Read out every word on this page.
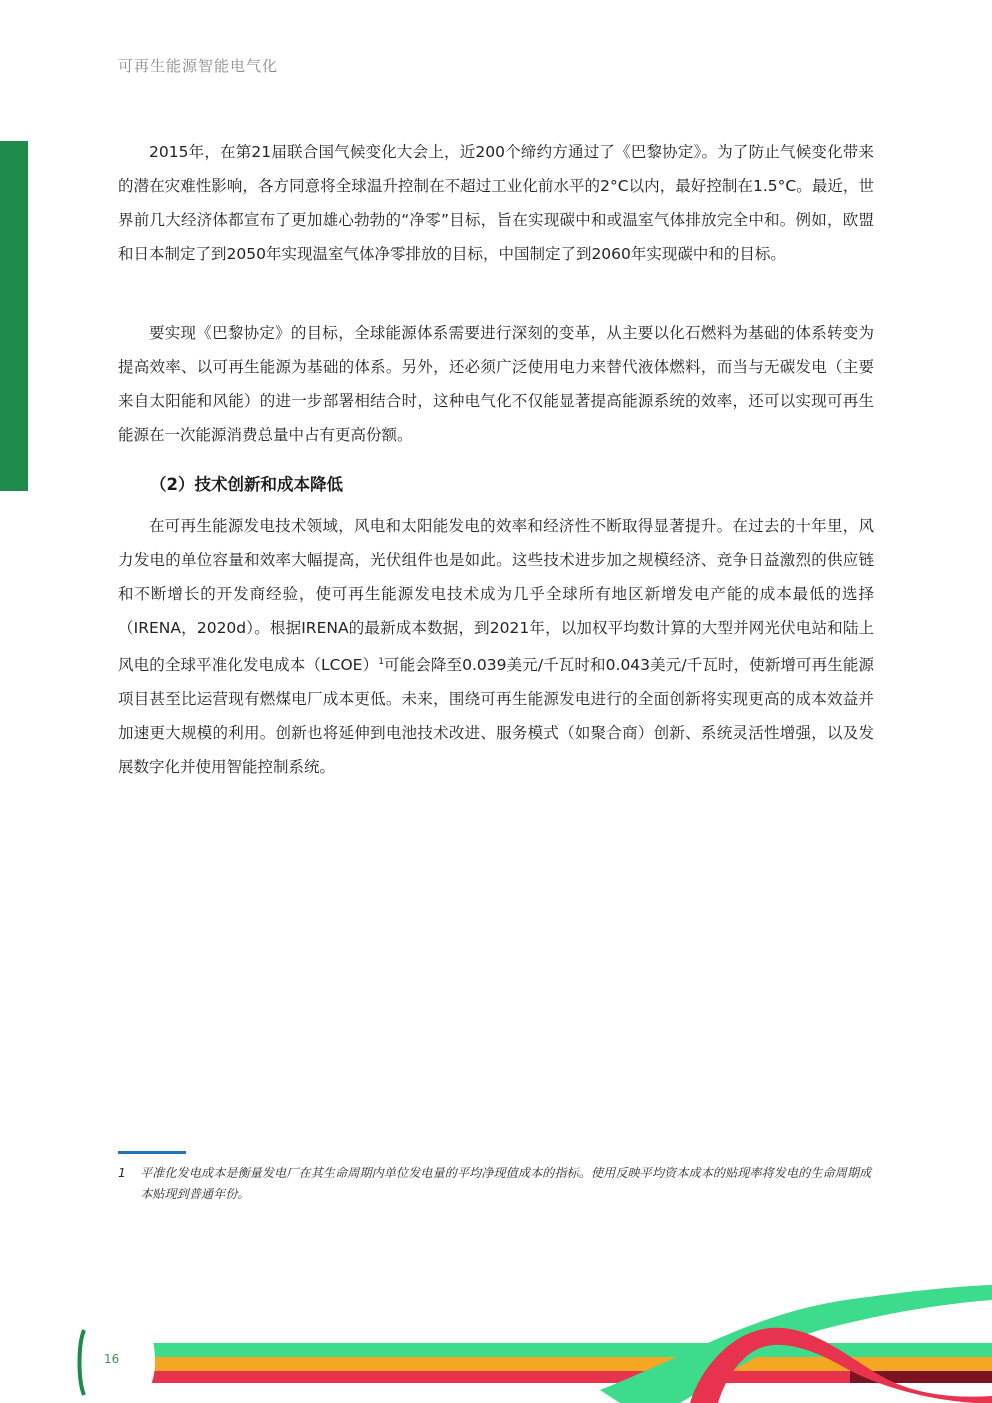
可再生能源智能电气化

2015年，在第21届联合国气候变化大会上，近200个缔约方通过了《巴黎协定》。为了防止气候变化带来的潜在灾难性影响，各方同意将全球温升控制在不超过工业化前水平的2°C以内，最好控制在1.5°C。最近，世界前几大经济体都宣布了更加雄心勃勃的“净零”目标，旨在实现碳中和或温室气体排放完全中和。例如，欧盟和日本制定了到2050年实现温室气体净零排放的目标，中国制定了到2060年实现碳中和的目标。

要实现《巴黎协定》的目标，全球能源体系需要进行深刻的变革，从主要以化石燃料为基础的体系转变为提高效率、以可再生能源为基础的体系。另外，还必须广泛使用电力来替代液体燃料，而当与无碳发电（主要来自太阳能和风能）的进一步部署相结合时，这种电气化不仅能显著提高能源系统的效率，还可以实现可再生能源在一次能源消费总量中占有更高份额。

（2）技术创新和成本降低

在可再生能源发电技术领域，风电和太阳能发电的效率和经济性不断取得显著提升。在过去的十年里，风力发电的单位容量和效率大幅提高，光伏组件也是如此。这些技术进步加之规模经济、竞争日益激烈的供应链和不断增长的开发商经验，使可再生能源发电技术成为几乎全球所有地区新增发电产能的成本最低的选择（IRENA，2020d）。根据IRENA的最新成本数据，到2021年，以加权平均数计算的大型并网光伏电站和陆上风电的全球平准化发电成本（LCOE）$^1$可能会降至0.039美元/千瓦时和0.043美元/千瓦时，使新增可再生能源项目甚至比运营现有燃煤电厂成本更低。未来，围绕可再生能源发电进行的全面创新将实现更高的成本效益并加速更大规模的利用。创新也将延伸到电池技术改进、服务模式（如聚合商）创新、系统灵活性增强，以及发展数字化并使用智能控制系统。

1 平准化发电成本是衡量发电厂在其生命周期内单位发电量的平均净现值成本的指标。使用反映平均资本成本的贴现率将发电的生命周期成本贴现到普通年份。
16
